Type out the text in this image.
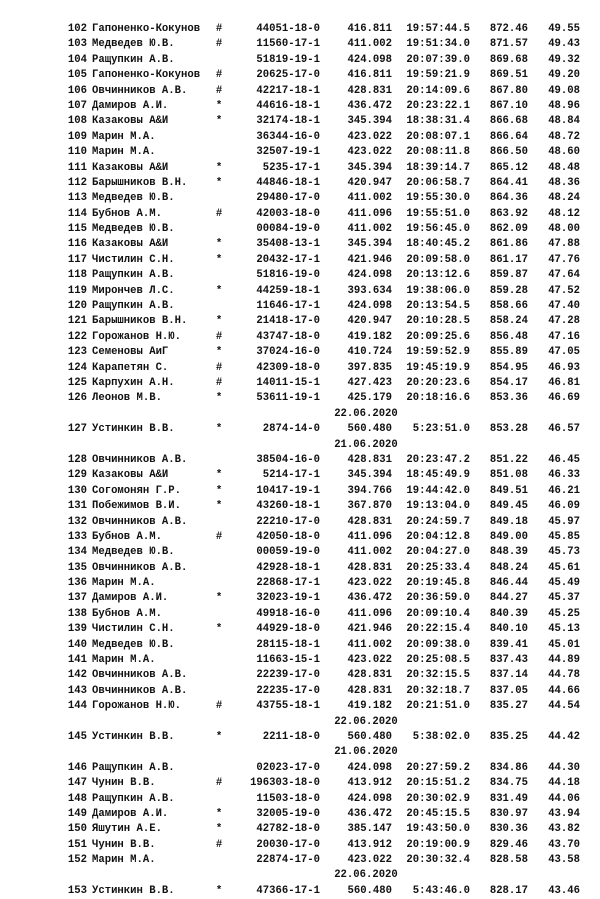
102 Гапоненко-Кокунов	#	44051-18-0	416.811	19:57:44.5	872.46	49.55
103 Медведев Ю.В.	#	11560-17-1	411.002	19:51:34.0	871.57	49.43
104 Ращупкин А.В.	51819-19-1	424.098	20:07:39.0	869.68	49.32
105 Гапоненко-Кокунов	#	20625-17-0	416.811	19:59:21.9	869.51	49.20
106 Овчинников А.В.	#	42217-18-1	428.831	20:14:09.6	867.80	49.08
107 Дамиров А.И.	*	44616-18-1	436.472	20:23:22.1	867.10	48.96
108 Казаковы А&И	*	32174-18-1	345.394	18:38:31.4	866.68	48.84
109 Марин М.А.	36344-16-0	423.022	20:08:07.1	866.64	48.72
110 Марин М.А.	32507-19-1	423.022	20:08:11.8	866.50	48.60
111 Казаковы А&И	*	5235-17-1	345.394	18:39:14.7	865.12	48.48
112 Барышников В.Н.	*	44846-18-1	420.947	20:06:58.7	864.41	48.36
113 Медведев Ю.В.	29480-17-0	411.002	19:55:30.0	864.36	48.24
114 Бубнов А.М.	#	42003-18-0	411.096	19:55:51.0	863.92	48.12
115 Медведев Ю.В.	00084-19-0	411.002	19:56:45.0	862.09	48.00
116 Казаковы А&И	*	35408-13-1	345.394	18:40:45.2	861.86	47.88
117 Чистилин С.Н.	*	20432-17-1	421.946	20:09:58.0	861.17	47.76
118 Ращупкин А.В.	51816-19-0	424.098	20:13:12.6	859.87	47.64
119 Мирончев Л.С.	*	44259-18-1	393.634	19:38:06.0	859.28	47.52
120 Ращупкин А.В.	11646-17-1	424.098	20:13:54.5	858.66	47.40
121 Барышников В.Н.	*	21418-17-0	420.947	20:10:28.5	858.24	47.28
122 Горожанов Н.Ю.	#	43747-18-0	419.182	20:09:25.6	856.48	47.16
123 Семеновы АиГ	*	37024-16-0	410.724	19:59:52.9	855.89	47.05
124 Карапетян С.	#	42309-18-0	397.835	19:45:19.9	854.95	46.93
125 Карпухин А.Н.	#	14011-15-1	427.423	20:20:23.6	854.17	46.81
126 Леонов М.В.	*	53611-19-1	425.179	20:18:16.6	853.36	46.69
22.06.2020
127 Устинкин В.В.	*	2874-14-0	560.480	5:23:51.0	853.28	46.57
21.06.2020
128 Овчинников А.В.	38504-16-0	428.831	20:23:47.2	851.22	46.45
129 Казаковы А&И	*	5214-17-1	345.394	18:45:49.9	851.08	46.33
130 Согомонян Г.Р.	*	10417-19-1	394.766	19:44:42.0	849.51	46.21
131 Побежимов В.И.	*	43260-18-1	367.870	19:13:04.0	849.45	46.09
132 Овчинников А.В.	22210-17-0	428.831	20:24:59.7	849.18	45.97
133 Бубнов А.М.	#	42050-18-0	411.096	20:04:12.8	849.00	45.85
134 Медведев Ю.В.	00059-19-0	411.002	20:04:27.0	848.39	45.73
135 Овчинников А.В.	42928-18-1	428.831	20:25:33.4	848.24	45.61
136 Марин М.А.	22868-17-1	423.022	20:19:45.8	846.44	45.49
137 Дамиров А.И.	*	32023-19-1	436.472	20:36:59.0	844.27	45.37
138 Бубнов А.М.	49918-16-0	411.096	20:09:10.4	840.39	45.25
139 Чистилин С.Н.	*	44929-18-0	421.946	20:22:15.4	840.10	45.13
140 Медведев Ю.В.	28115-18-1	411.002	20:09:38.0	839.41	45.01
141 Марин М.А.	11663-15-1	423.022	20:25:08.5	837.43	44.89
142 Овчинников А.В.	22239-17-0	428.831	20:32:15.5	837.14	44.78
143 Овчинников А.В.	22235-17-0	428.831	20:32:18.7	837.05	44.66
144 Горожанов Н.Ю.	#	43755-18-1	419.182	20:21:51.0	835.27	44.54
22.06.2020
145 Устинкин В.В.	*	2211-18-0	560.480	5:38:02.0	835.25	44.42
21.06.2020
146 Ращупкин А.В.	02023-17-0	424.098	20:27:59.2	834.86	44.30
147 Чунин В.В.	#	196303-18-0	413.912	20:15:51.2	834.75	44.18
148 Ращупкин А.В.	11503-18-0	424.098	20:30:02.9	831.49	44.06
149 Дамиров А.И.	*	32005-19-0	436.472	20:45:15.5	830.97	43.94
150 Яшутин А.Е.	*	42782-18-0	385.147	19:43:50.0	830.36	43.82
151 Чунин В.В.	#	20030-17-0	413.912	20:19:00.9	829.46	43.70
152 Марин М.А.	22874-17-0	423.022	20:30:32.4	828.58	43.58
22.06.2020
153 Устинкин В.В.	*	47366-17-1	560.480	5:43:46.0	828.17	43.46
